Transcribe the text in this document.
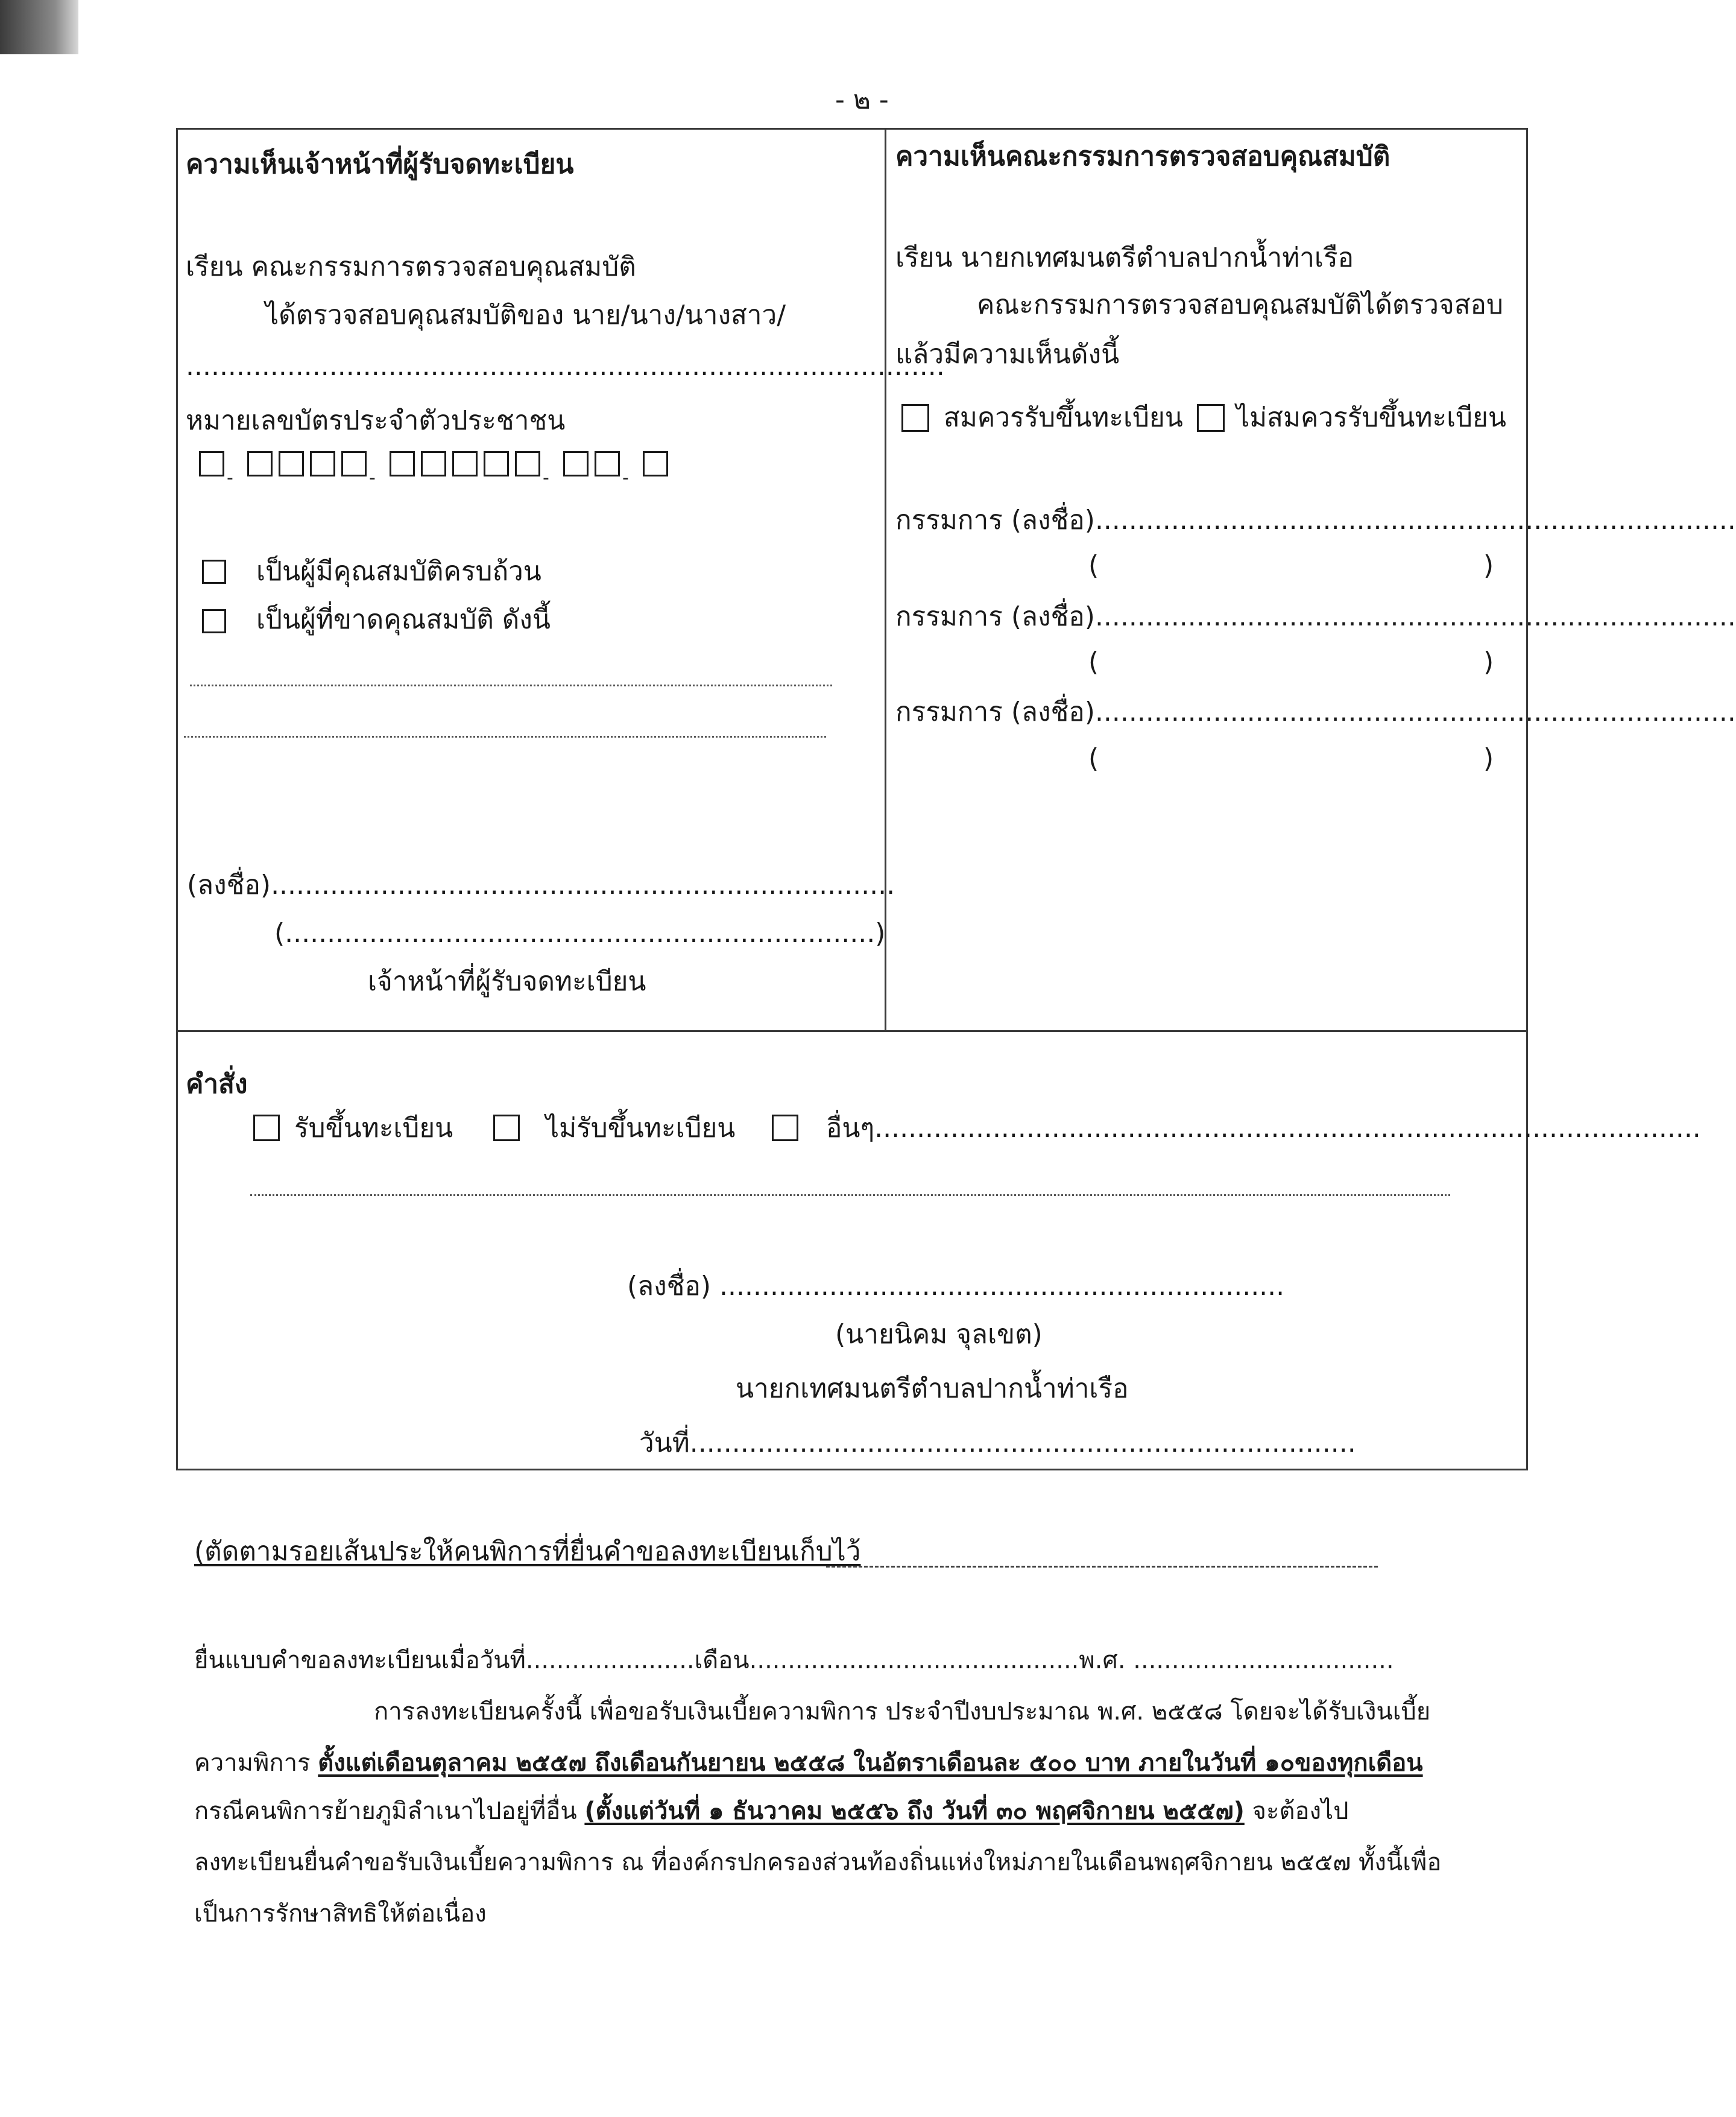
- ๒ -
ความเห็นเจ้าหน้าที่ผู้รับจดทะเบียน
เรียน คณะกรรมการตรวจสอบคุณสมบัติ
ได้ตรวจสอบคุณสมบัติของ นาย/นาง/นางสาว/
..........................................................................................
หมายเลขบัตรประจำตัวประชาชน
-	-	-	-
เป็นผู้มีคุณสมบัติครบถ้วน
เป็นผู้ที่ขาดคุณสมบัติ ดังนี้
(ลงชื่อ)..........................................................................
(......................................................................)
เจ้าหน้าที่ผู้รับจดทะเบียน
ความเห็นคณะกรรมการตรวจสอบคุณสมบัติ
เรียน นายกเทศมนตรีตำบลปากน้ำท่าเรือ
คณะกรรมการตรวจสอบคุณสมบัติได้ตรวจสอบ
แล้วมีความเห็นดังนี้
สมควรรับขึ้นทะเบียน ไม่สมควรรับขึ้นทะเบียน
กรรมการ (ลงชื่อ)............................................................................
(	)
กรรมการ (ลงชื่อ)............................................................................
(	)
กรรมการ (ลงชื่อ)............................................................................
(	)
คำสั่ง
รับขึ้นทะเบียน	ไม่รับขึ้นทะเบียน	อื่นๆ..................................................................................................
(ลงชื่อ) ...................................................................
(นายนิคม จุลเขต)
นายกเทศมนตรีตำบลปากน้ำท่าเรือ
วันที่...............................................................................
(ตัดตามรอยเส้นประให้คนพิการที่ยื่นคำขอลงทะเบียนเก็บไว้
ยื่นแบบคำขอลงทะเบียนเมื่อวันที่......................เดือน...........................................พ.ศ. ..................................
การลงทะเบียนครั้งนี้ เพื่อขอรับเงินเบี้ยความพิการ ประจำปีงบประมาณ พ.ศ. ๒๕๕๘ โดยจะได้รับเงินเบี้ย
ความพิการ ตั้งแต่เดือนตุลาคม ๒๕๕๗ ถึงเดือนกันยายน ๒๕๕๘ ในอัตราเดือนละ ๕๐๐ บาท ภายในวันที่ ๑๐ของทุกเดือน
กรณีคนพิการย้ายภูมิลำเนาไปอยู่ที่อื่น (ตั้งแต่วันที่ ๑ ธันวาคม ๒๕๕๖ ถึง วันที่ ๓๐ พฤศจิกายน ๒๕๕๗) จะต้องไป
ลงทะเบียนยื่นคำขอรับเงินเบี้ยความพิการ ณ ที่องค์กรปกครองส่วนท้องถิ่นแห่งใหม่ภายในเดือนพฤศจิกายน ๒๕๕๗ ทั้งนี้เพื่อ
เป็นการรักษาสิทธิให้ต่อเนื่อง
